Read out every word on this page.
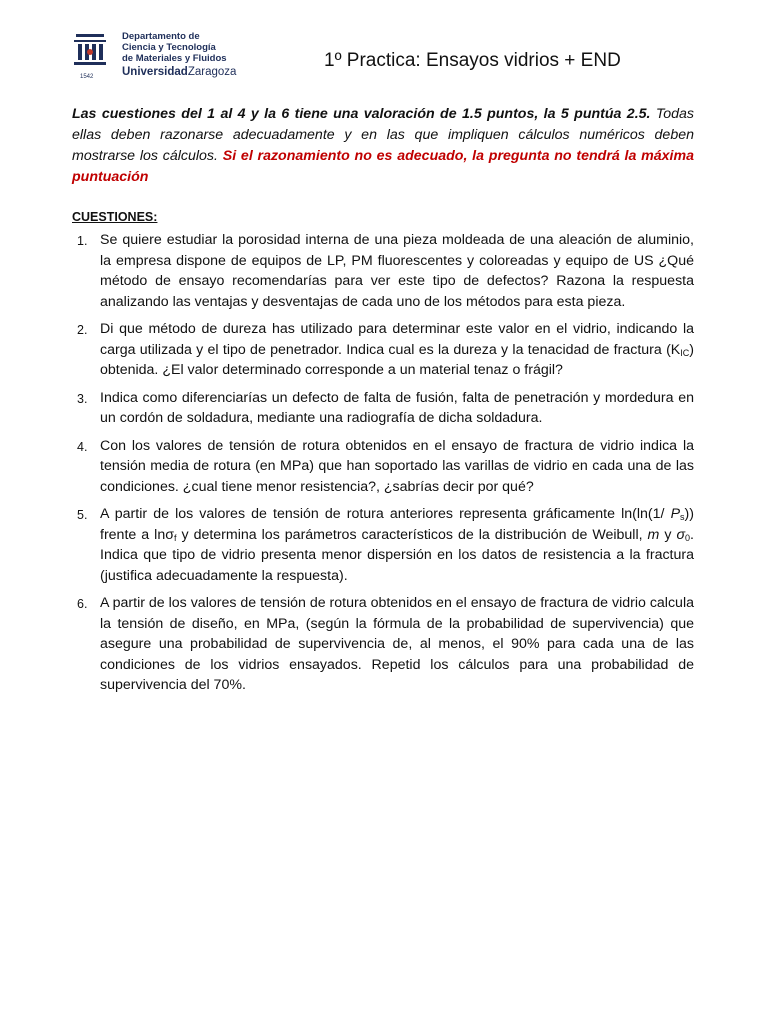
1542
Departamento de
Ciencia y Tecnología
de Materiales y Fluidos
UniversidadZaragoza
1º Practica: Ensayos vidrios + END
Las cuestiones del 1 al 4 y la 6 tiene una valoración de 1.5 puntos, la 5 puntúa 2.5. Todas ellas deben razonarse adecuadamente y en las que impliquen cálculos numéricos deben mostrarse los cálculos. Si el razonamiento no es adecuado, la pregunta no tendrá la máxima puntuación
CUESTIONES:
1. Se quiere estudiar la porosidad interna de una pieza moldeada de una aleación de aluminio, la empresa dispone de equipos de LP, PM fluorescentes y coloreadas y equipo de US ¿Qué método de ensayo recomendarías para ver este tipo de defectos? Razona la respuesta analizando las ventajas y desventajas de cada uno de los métodos para esta pieza.
2. Di que método de dureza has utilizado para determinar este valor en el vidrio, indicando la carga utilizada y el tipo de penetrador. Indica cual es la dureza y la tenacidad de fractura $(K_{IC})$ obtenida. ¿El valor determinado corresponde a un material tenaz o frágil?
3. Indica como diferenciarías un defecto de falta de fusión, falta de penetración y mordedura en un cordón de soldadura, mediante una radiografía de dicha soldadura.
4. Con los valores de tensión de rotura obtenidos en el ensayo de fractura de vidrio indica la tensión media de rotura (en MPa) que han soportado las varillas de vidrio en cada una de las condiciones. ¿cual tiene menor resistencia?, ¿sabrías decir por qué?
5. A partir de los valores de tensión de rotura anteriores representa gráficamente ln(ln(1/ $P_s$)) frente a lnσ$_f$ y determina los parámetros característicos de la distribución de Weibull, m y $\sigma_0$. Indica que tipo de vidrio presenta menor dispersión en los datos de resistencia a la fractura (justifica adecuadamente la respuesta).
6. A partir de los valores de tensión de rotura obtenidos en el ensayo de fractura de vidrio calcula la tensión de diseño, en MPa, (según la fórmula de la probabilidad de supervivencia) que asegure una probabilidad de supervivencia de, al menos, el 90% para cada una de las condiciones de los vidrios ensayados. Repetid los cálculos para una probabilidad de supervivencia del 70%.
